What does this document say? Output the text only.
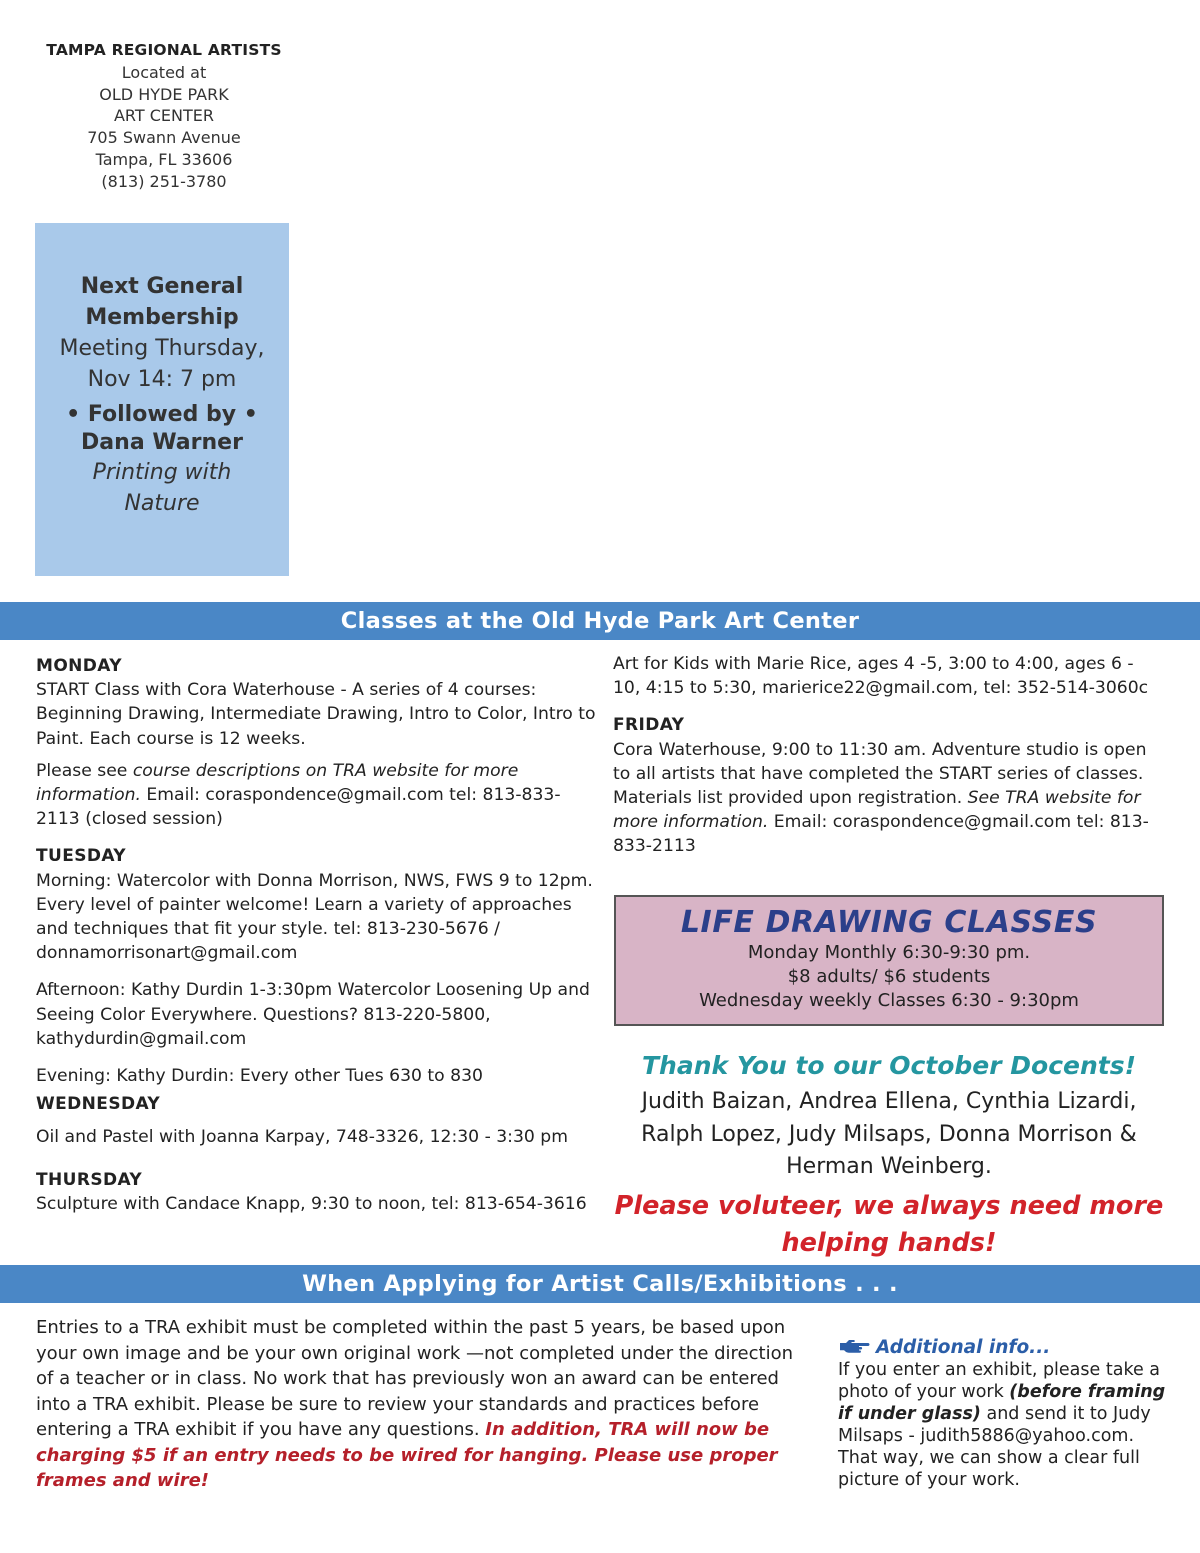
TAMPA REGIONAL ARTISTS
Located at
OLD HYDE PARK
ART CENTER
705 Swann Avenue
Tampa, FL 33606
(813) 251-3780
Next General
Membership
Meeting Thursday,
Nov 14: 7 pm
• Followed by •
Dana Warner
Printing with
Nature
Classes at the Old Hyde Park Art Center
MONDAY

START Class with Cora Waterhouse - A series of 4 courses: Beginning Drawing, Intermediate Drawing, Intro to Color, Intro to Paint. Each course is 12 weeks.

Please see course descriptions on TRA website for more information. Email: coraspondence@gmail.com tel: 813-833-2113 (closed session)

TUESDAY

Morning: Watercolor with Donna Morrison, NWS, FWS 9 to 12pm. Every level of painter welcome! Learn a variety of approaches and techniques that fit your style. tel: 813-230-5676 / donnamorrisonart@gmail.com

Afternoon: Kathy Durdin 1-3:30pm Watercolor Loosening Up and Seeing Color Everywhere. Questions? 813-220-5800, kathydurdin@gmail.com

Evening: Kathy Durdin: Every other Tues 630 to 830

WEDNESDAY

Oil and Pastel with Joanna Karpay, 748-3326, 12:30 - 3:30 pm

THURSDAY

Sculpture with Candace Knapp, 9:30 to noon, tel: 813-654-3616

Art for Kids with Marie Rice, ages 4 -5, 3:00 to 4:00, ages 6 - 10, 4:15 to 5:30, marierice22@gmail.com, tel: 352-514-3060c

FRIDAY

Cora Waterhouse, 9:00 to 11:30 am. Adventure studio is open to all artists that have completed the START series of classes. Materials list provided upon registration. See TRA website for more information. Email: coraspondence@gmail.com tel: 813-833-2113

LIFE DRAWING CLASSES
Monday Monthly 6:30-9:30 pm.
$8 adults/ $6 students
Wednesday weekly Classes 6:30 - 9:30pm
Thank You to our October Docents!
Judith Baizan, Andrea Ellena, Cynthia Lizardi, Ralph Lopez, Judy Milsaps, Donna Morrison & Herman Weinberg.
Please voluteer, we always need more helping hands!
When Applying for Artist Calls/Exhibitions . . .
Entries to a TRA exhibit must be completed within the past 5 years, be based upon your own image and be your own original work —not completed under the direction of a teacher or in class. No work that has previously won an award can be entered into a TRA exhibit. Please be sure to review your standards and practices before entering a TRA exhibit if you have any questions. In addition, TRA will now be charging $5 if an entry needs to be wired for hanging. Please use proper frames and wire!
Additional info...
If you enter an exhibit, please take a photo of your work (before framing if under glass) and send it to Judy Milsaps - judith5886@yahoo.com. That way, we can show a clear full picture of your work.
